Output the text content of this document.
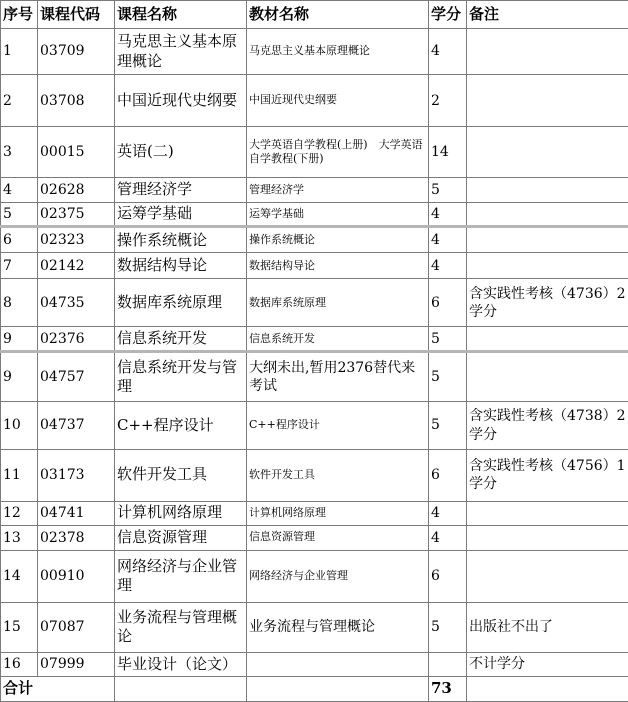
序号	课程代码	课程名称	教材名称	学分	备注
1	03709	马克思主义基本原理概论	马克思主义基本原理概论	4	
2	03708	中国近现代史纲要	中国近现代史纲要	2	
3	00015	英语(二)	大学英语自学教程(上册)　大学英语自学教程(下册)	14	
4	02628	管理经济学	管理经济学	5	
5	02375	运筹学基础	运筹学基础	4	
6	02323	操作系统概论	操作系统概论	4	
7	02142	数据结构导论	数据结构导论	4	
8	04735	数据库系统原理	数据库系统原理	6	含实践性考核（4736）2学分
9	02376	信息系统开发	信息系统开发	5	
9	04757	信息系统开发与管理	大纲未出,暂用2376替代来考试	5	
10	04737	C++程序设计	C++程序设计	5	含实践性考核（4738）2学分
11	03173	软件开发工具	软件开发工具	6	含实践性考核（4756）1学分
12	04741	计算机网络原理	计算机网络原理	4	
13	02378	信息资源管理	信息资源管理	4	
14	00910	网络经济与企业管理	网络经济与企业管理	6	
15	07087	业务流程与管理概论	业务流程与管理概论	5	出版社不出了
16	07999	毕业设计（论文）			不计学分
合计				73	
